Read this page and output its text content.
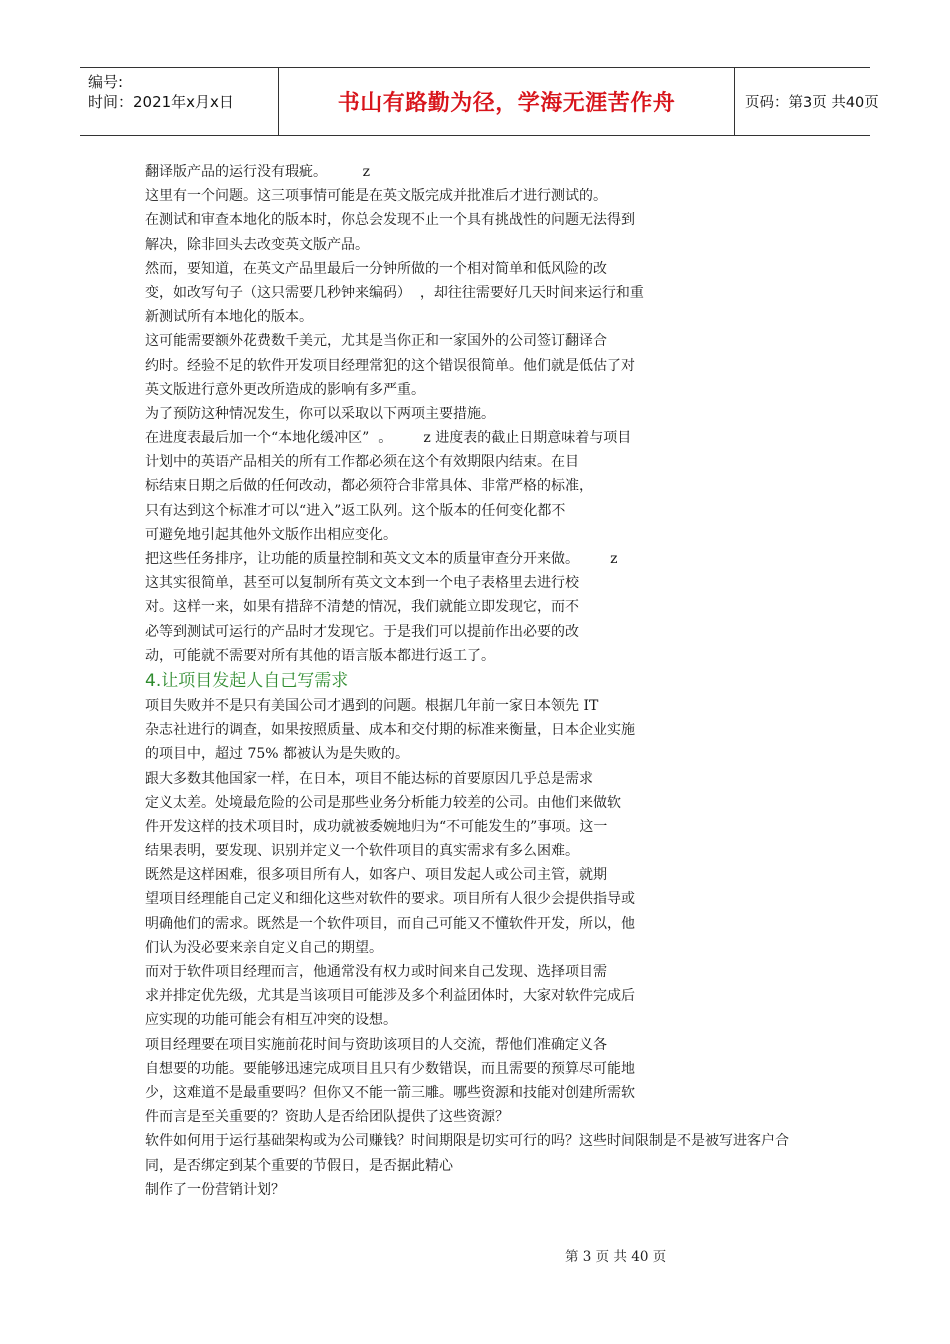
编号:
时间：2021年x月x日	书山有路勤为径，学海无涯苦作舟	页码：第3页 共40页
翻译版产品的运行没有瑕疵。        z
这里有一个问题。这三项事情可能是在英文版完成并批准后才进行测试的。
在测试和审查本地化的版本时，你总会发现不止一个具有挑战性的问题无法得到
解决，除非回头去改变英文版产品。
然而，要知道，在英文产品里最后一分钟所做的一个相对简单和低风险的改
变，如改写句子（这只需要几秒钟来编码）  ，却往往需要好几天时间来运行和重
新测试所有本地化的版本。
这可能需要额外花费数千美元，尤其是当你正和一家国外的公司签订翻译合
约时。经验不足的软件开发项目经理常犯的这个错误很简单。他们就是低估了对
英文版进行意外更改所造成的影响有多严重。
为了预防这种情况发生，你可以采取以下两项主要措施。
在进度表最后加一个“本地化缓冲区”  。       z 进度表的截止日期意味着与项目
计划中的英语产品相关的所有工作都必须在这个有效期限内结束。在目
标结束日期之后做的任何改动，都必须符合非常具体、非常严格的标准，
只有达到这个标准才可以“进入”返工队列。这个版本的任何变化都不
可避免地引起其他外文版作出相应变化。
把这些任务排序，让功能的质量控制和英文文本的质量审查分开来做。       z
这其实很简单，甚至可以复制所有英文文本到一个电子表格里去进行校
对。这样一来，如果有措辞不清楚的情况，我们就能立即发现它，而不
必等到测试可运行的产品时才发现它。于是我们可以提前作出必要的改
动，可能就不需要对所有其他的语言版本都进行返工了。
4.让项目发起人自己写需求
项目失败并不是只有美国公司才遇到的问题。根据几年前一家日本领先 IT
杂志社进行的调查，如果按照质量、成本和交付期的标准来衡量，日本企业实施
的项目中，超过 75% 都被认为是失败的。
跟大多数其他国家一样，在日本，项目不能达标的首要原因几乎总是需求
定义太差。处境最危险的公司是那些业务分析能力较差的公司。由他们来做软
件开发这样的技术项目时，成功就被委婉地归为“不可能发生的”事项。这一
结果表明，要发现、识别并定义一个软件项目的真实需求有多么困难。
既然是这样困难，很多项目所有人，如客户、项目发起人或公司主管，就期
望项目经理能自己定义和细化这些对软件的要求。项目所有人很少会提供指导或
明确他们的需求。既然是一个软件项目，而自己可能又不懂软件开发，所以，他
们认为没必要来亲自定义自己的期望。
而对于软件项目经理而言，他通常没有权力或时间来自己发现、选择项目需
求并排定优先级，尤其是当该项目可能涉及多个利益团体时，大家对软件完成后
应实现的功能可能会有相互冲突的设想。
项目经理要在项目实施前花时间与资助该项目的人交流，帮他们准确定义各
自想要的功能。要能够迅速完成项目且只有少数错误，而且需要的预算尽可能地
少，这难道不是最重要吗？但你又不能一箭三雕。哪些资源和技能对创建所需软
件而言是至关重要的？资助人是否给团队提供了这些资源？
软件如何用于运行基础架构或为公司赚钱？时间期限是切实可行的吗？这些时间限制是不是被写进客户合
同，是否绑定到某个重要的节假日，是否据此精心
制作了一份营销计划？
第 3 页 共 40 页
